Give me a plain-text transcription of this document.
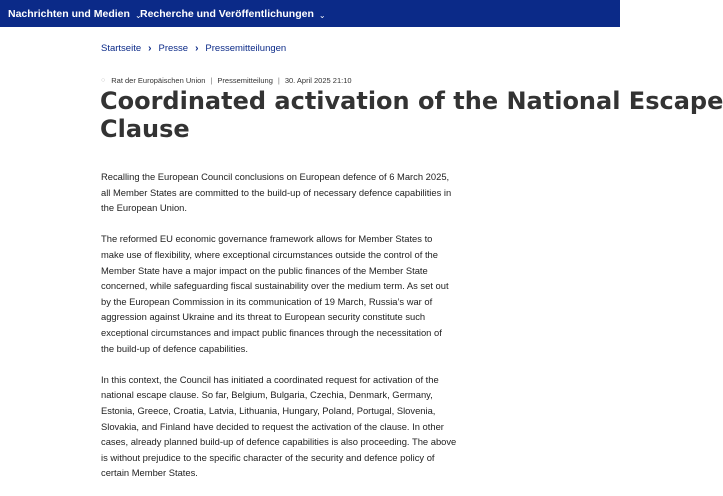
Nachrichten und Medien ⌄
Recherche und Veröffentlichungen ⌄
Startseite › Presse › Pressemitteilungen
○ Rat der Europäischen Union | Pressemitteilung | 30. April 2025 21:10
Coordinated activation of the National Escape
Clause

Recalling the European Council conclusions on European defence of 6 March 2025,
all Member States are committed to the build-up of necessary defence capabilities in
the European Union.

The reformed EU economic governance framework allows for Member States to
make use of flexibility, where exceptional circumstances outside the control of the
Member State have a major impact on the public finances of the Member State
concerned, while safeguarding fiscal sustainability over the medium term. As set out
by the European Commission in its communication of 19 March, Russia’s war of
aggression against Ukraine and its threat to European security constitute such
exceptional circumstances and impact public finances through the necessitation of
the build-up of defence capabilities.

In this context, the Council has initiated a coordinated request for activation of the
national escape clause. So far, Belgium, Bulgaria, Czechia, Denmark, Germany,
Estonia, Greece, Croatia, Latvia, Lithuania, Hungary, Poland, Portugal, Slovenia,
Slovakia, and Finland have decided to request the activation of the clause. In other
cases, already planned build-up of defence capabilities is also proceeding. The above
is without prejudice to the specific character of the security and defence policy of
certain Member States.
